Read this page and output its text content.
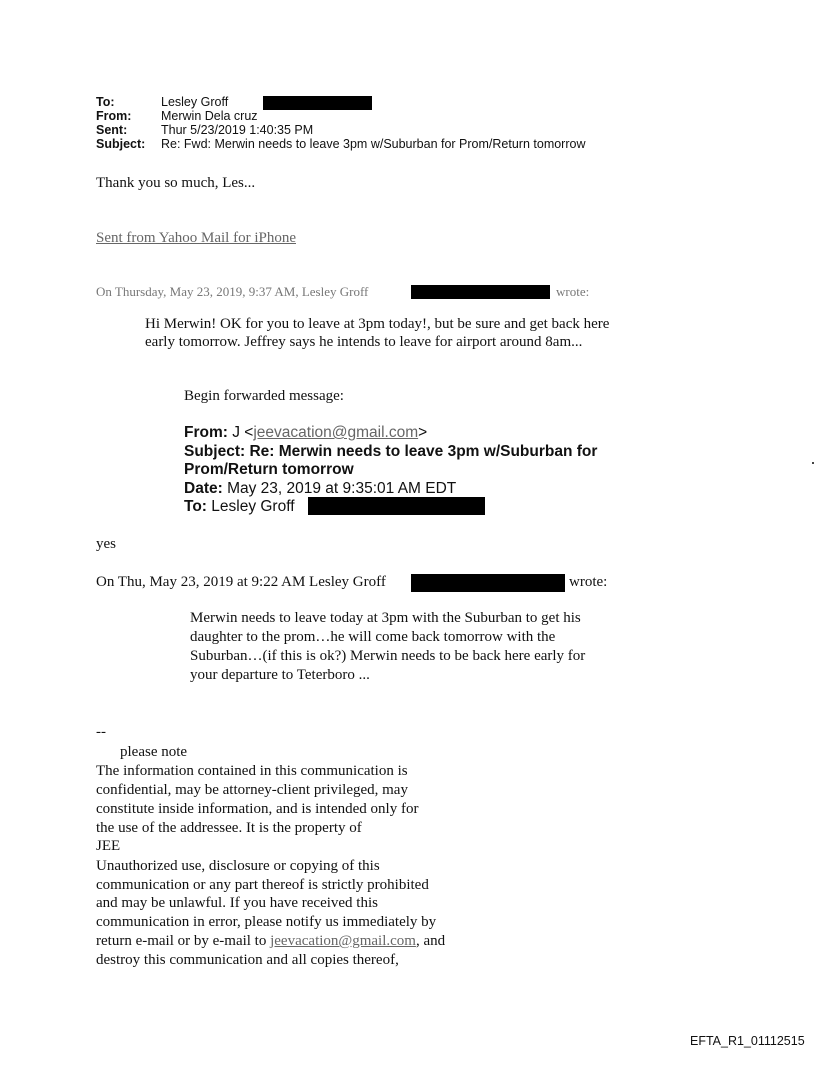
To:	Lesley Groff
From: Merwin Dela cruz
Sent:	Thur 5/23/2019 1:40:35 PM
Subject: Re: Fwd: Merwin needs to leave 3pm w/Suburban for Prom/Return tomorrow
Thank you so much, Les...
Sent from Yahoo Mail for iPhone
On Thursday, May 23, 2019, 9:37 AM, Lesley Groff	wrote:
Hi Merwin! OK for you to leave at 3pm today!, but be sure and get back here
early tomorrow. Jeffrey says he intends to leave for airport around 8am...
Begin forwarded message:
From: J <jeevacation@gmail.com>
Subject: Re: Merwin needs to leave 3pm w/Suburban for
Prom/Return tomorrow
Date: May 23, 2019 at 9:35:01 AM EDT
To: Lesley Groff
yes
On Thu, May 23, 2019 at 9:22 AM Lesley Groff	wrote:
Merwin needs to leave today at 3pm with the Suburban to get his
daughter to the prom…he will come back tomorrow with the
Suburban…(if this is ok?) Merwin needs to be back here early for
your departure to Teterboro ...
--
please note
The information contained in this communication is
confidential, may be attorney-client privileged, may
constitute inside information, and is intended only for
the use of the addressee. It is the property of
JEE
Unauthorized use, disclosure or copying of this
communication or any part thereof is strictly prohibited
and may be unlawful. If you have received this
communication in error, please notify us immediately by
return e-mail or by e-mail to jeevacation@gmail.com, and
destroy this communication and all copies thereof,
EFTA_R1_01112515
